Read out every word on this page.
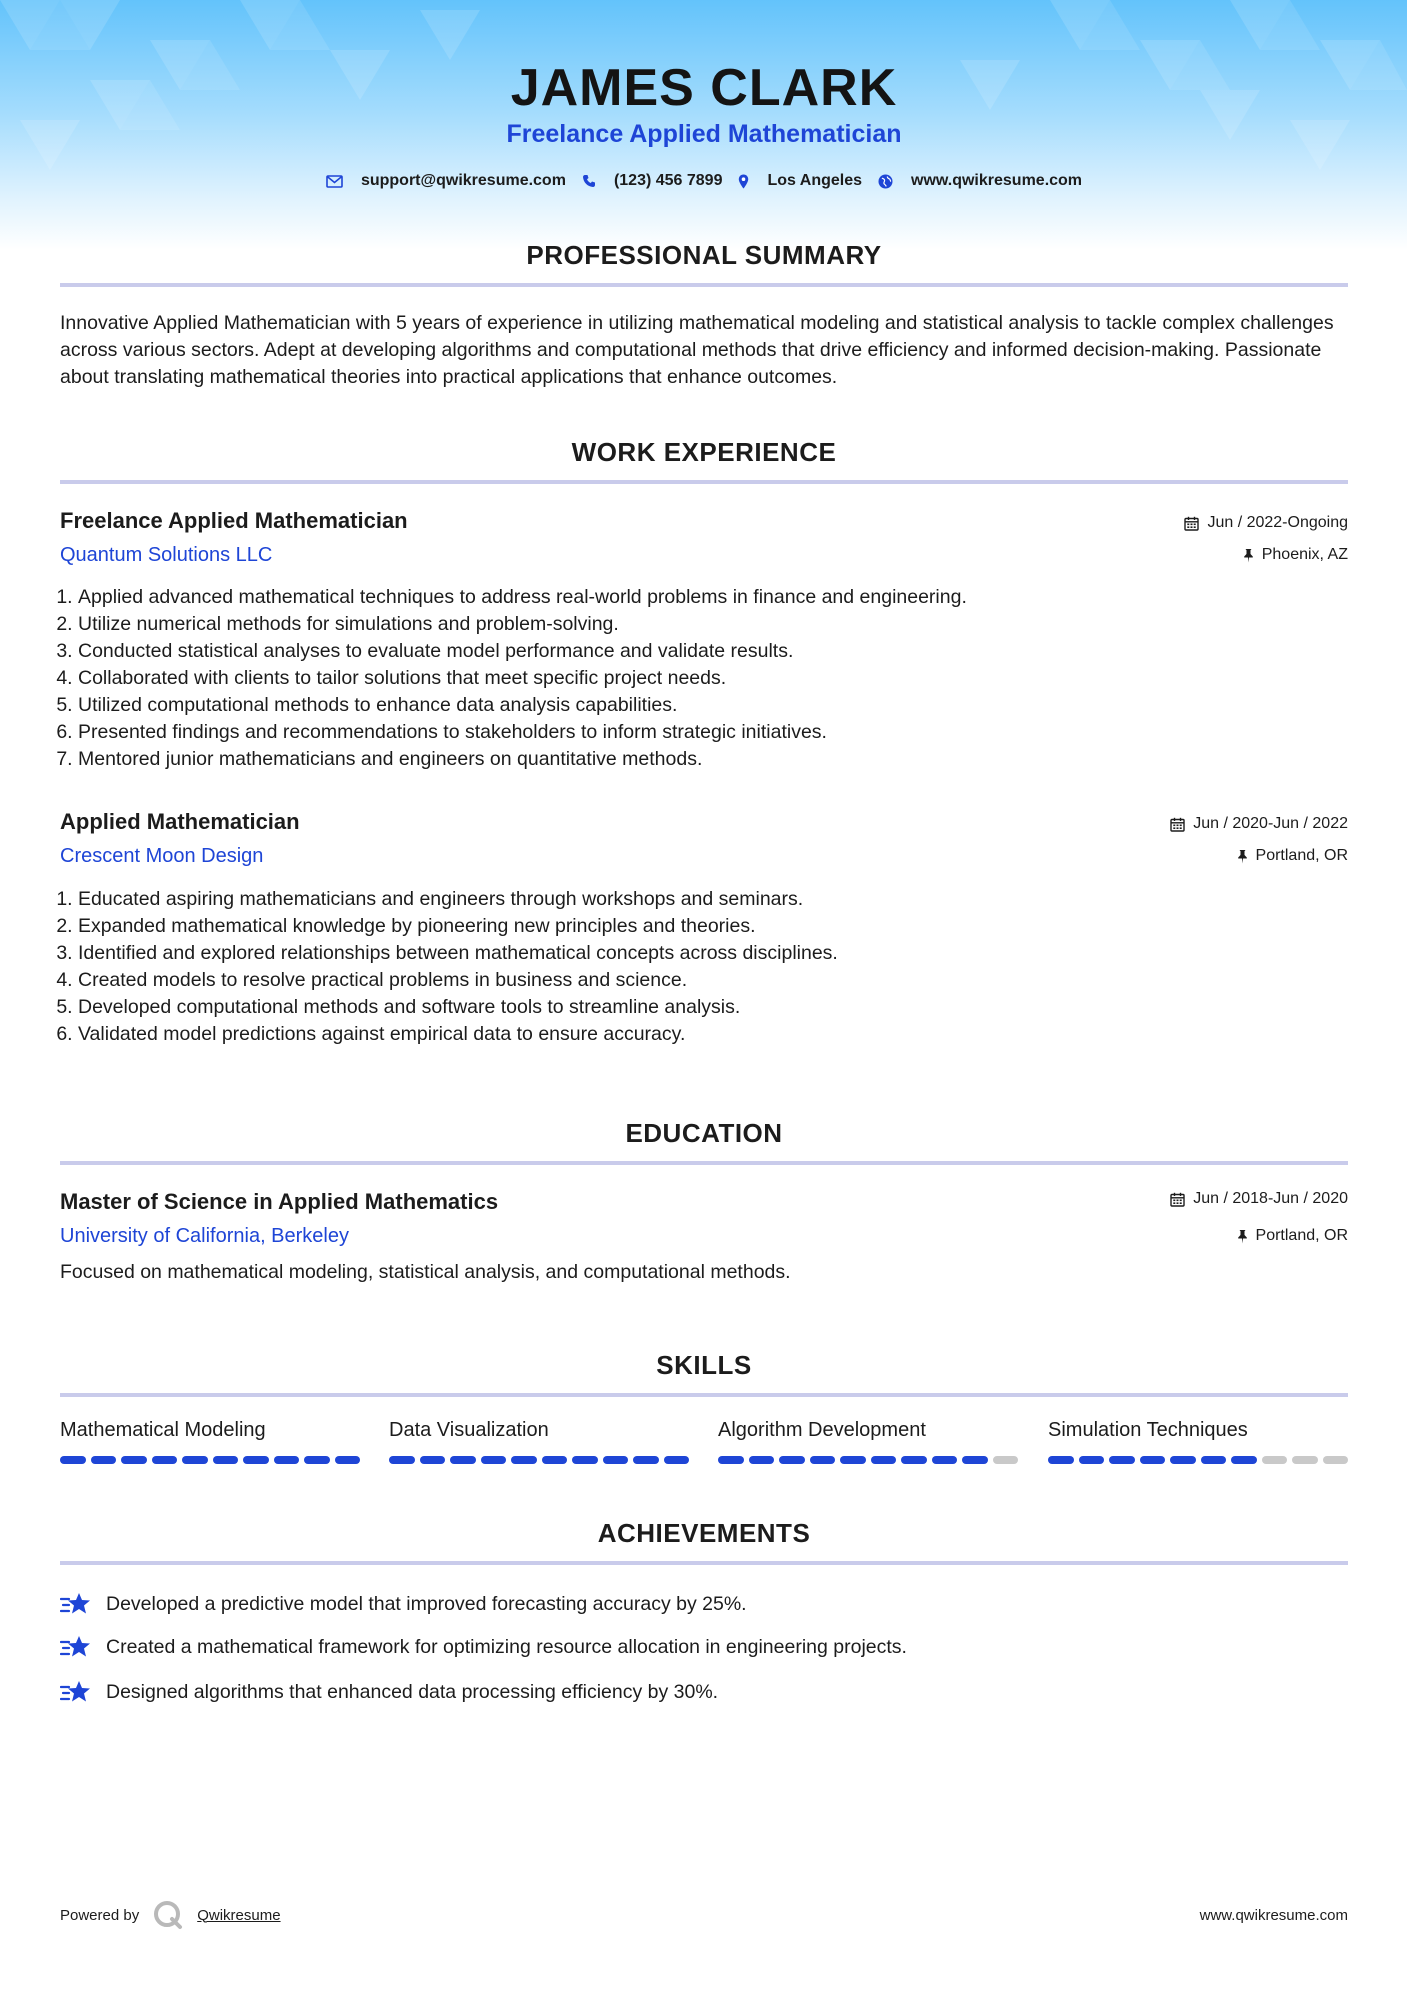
JAMES CLARK
Freelance Applied Mathematician
support@qwikresume.com	(123) 456 7899	Los Angeles	www.qwikresume.com
PROFESSIONAL SUMMARY

Innovative Applied Mathematician with 5 years of experience in utilizing mathematical modeling and statistical analysis to tackle complex challenges across various sectors. Adept at developing algorithms and computational methods that drive efficiency and informed decision-making. Passionate about translating mathematical theories into practical applications that enhance outcomes.

WORK EXPERIENCE
Freelance Applied Mathematician
Quantum Solutions LLC
Jun / 2022-Ongoing
Phoenix, AZ
1. Applied advanced mathematical techniques to address real-world problems in finance and engineering.
2. Utilize numerical methods for simulations and problem-solving.
3. Conducted statistical analyses to evaluate model performance and validate results.
4. Collaborated with clients to tailor solutions that meet specific project needs.
5. Utilized computational methods to enhance data analysis capabilities.
6. Presented findings and recommendations to stakeholders to inform strategic initiatives.
7. Mentored junior mathematicians and engineers on quantitative methods.
Applied Mathematician
Crescent Moon Design
Jun / 2020-Jun / 2022
Portland, OR
1. Educated aspiring mathematicians and engineers through workshops and seminars.
2. Expanded mathematical knowledge by pioneering new principles and theories.
3. Identified and explored relationships between mathematical concepts across disciplines.
4. Created models to resolve practical problems in business and science.
5. Developed computational methods and software tools to streamline analysis.
6. Validated model predictions against empirical data to ensure accuracy.
EDUCATION
Master of Science in Applied Mathematics
University of California, Berkeley
Jun / 2018-Jun / 2020
Portland, OR
Focused on mathematical modeling, statistical analysis, and computational methods.
SKILLS
Mathematical Modeling	Data Visualization	Algorithm Development	Simulation Techniques
ACHIEVEMENTS
Developed a predictive model that improved forecasting accuracy by 25%.
Created a mathematical framework for optimizing resource allocation in engineering projects.
Designed algorithms that enhanced data processing efficiency by 30%.
Powered by	Qwikresume	www.qwikresume.com
